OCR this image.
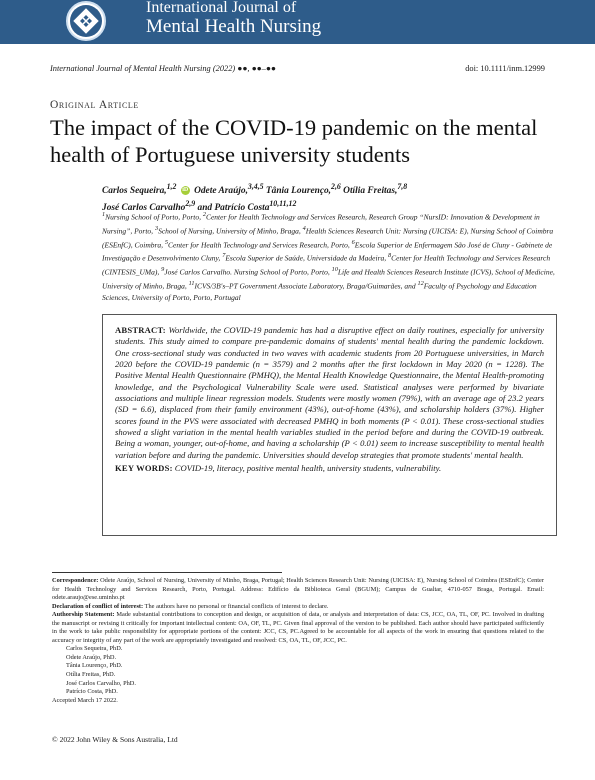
International Journal of
Mental Health Nursing
International Journal of Mental Health Nursing (2022) ●●, ●●–●●	doi: 10.1111/inm.12999
Original Article
The impact of the COVID-19 pandemic on the mental health of Portuguese university students
Carlos Sequeira,$^{1,2}$ iD Odete Araújo,$^{3,4,5}$ Tânia Lourenço,$^{2,6}$ Otília Freitas,$^{7,8}$
José Carlos Carvalho$^{2,9}$ and Patrício Costa$^{10,11,12}$
$^1$Nursing School of Porto, Porto, $^2$Center for Health Technology and Services Research, Research Group “NursID: Innovation & Development in Nursing”, Porto, $^3$School of Nursing, University of Minho, Braga, $^4$Health Sciences Research Unit: Nursing (UICISA: E), Nursing School of Coimbra (ESEnfC), Coimbra, $^5$Center for Health Technology and Services Research, Porto, $^6$Escola Superior de Enfermagem São José de Cluny - Gabinete de Investigação e Desenvolvimento Cluny, $^7$Escola Superior de Saúde, Universidade da Madeira, $^8$Center for Health Technology and Services Research (CINTESIS_UMa), $^9$José Carlos Carvalho. Nursing School of Porto, Porto, $^{10}$Life and Health Sciences Research Institute (ICVS), School of Medicine, University of Minho, Braga, $^{11}$ICVS/3B's–PT Government Associate Laboratory, Braga/Guimarães, and $^{12}$Faculty of Psychology and Education Sciences, University of Porto, Porto, Portugal

ABSTRACT: Worldwide, the COVID-19 pandemic has had a disruptive effect on daily routines, especially for university students. This study aimed to compare pre-pandemic domains of students' mental health during the pandemic lockdown. One cross-sectional study was conducted in two waves with academic students from 20 Portuguese universities, in March 2020 before the COVID-19 pandemic (n = 3579) and 2 months after the first lockdown in May 2020 (n = 1228). The Positive Mental Health Questionnaire (PMHQ), the Mental Health Knowledge Questionnaire, the Mental Health-promoting knowledge, and the Psychological Vulnerability Scale were used. Statistical analyses were performed by bivariate associations and multiple linear regression models. Students were mostly women (79%), with an average age of 23.2 years (SD = 6.6), displaced from their family environment (43%), out-of-home (43%), and scholarship holders (37%). Higher scores found in the PVS were associated with decreased PMHQ in both moments (P < 0.01). These cross-sectional studies showed a slight variation in the mental health variables studied in the period before and during the COVID-19 outbreak. Being a woman, younger, out-of-home, and having a scholarship (P < 0.01) seem to increase susceptibility to mental health variation before and during the pandemic. Universities should develop strategies that promote students' mental health.

KEY WORDS: COVID-19, literacy, positive mental health, university students, vulnerability.

Correspondence: Odete Araújo, School of Nursing, University of Minho, Braga, Portugal; Health Sciences Research Unit: Nursing (UICISA: E), Nursing School of Coimbra (ESEnfC); Center for Health Technology and Services Research, Porto, Portugal. Address: Edifício da Biblioteca Geral (BGUM); Campus de Gualtar, 4710-057 Braga, Portugal. Email: odete.araujo@ese.uminho.pt
Declaration of conflict of interest: The authors have no personal or financial conflicts of interest to declare.
Authorship Statement: Made substantial contributions to conception and design, or acquisition of data, or analysis and interpretation of data: CS, JCC, OA, TL, OF, PC. Involved in drafting the manuscript or revising it critically for important intellectual content: OA, OF, TL, PC. Given final approval of the version to be published. Each author should have participated sufficiently in the work to take public responsibility for appropriate portions of the content: JCC, CS, PC.Agreed to be accountable for all aspects of the work in ensuring that questions related to the accuracy or integrity of any part of the work are appropriately investigated and resolved: CS, OA, TL, OF, JCC, PC.
Carlos Sequeira, PhD.
Odete Araújo, PhD.
Tânia Lourenço, PhD.
Otília Freitas, PhD.
José Carlos Carvalho, PhD.
Patrício Costa, PhD.
Accepted March 17 2022.
© 2022 John Wiley & Sons Australia, Ltd
